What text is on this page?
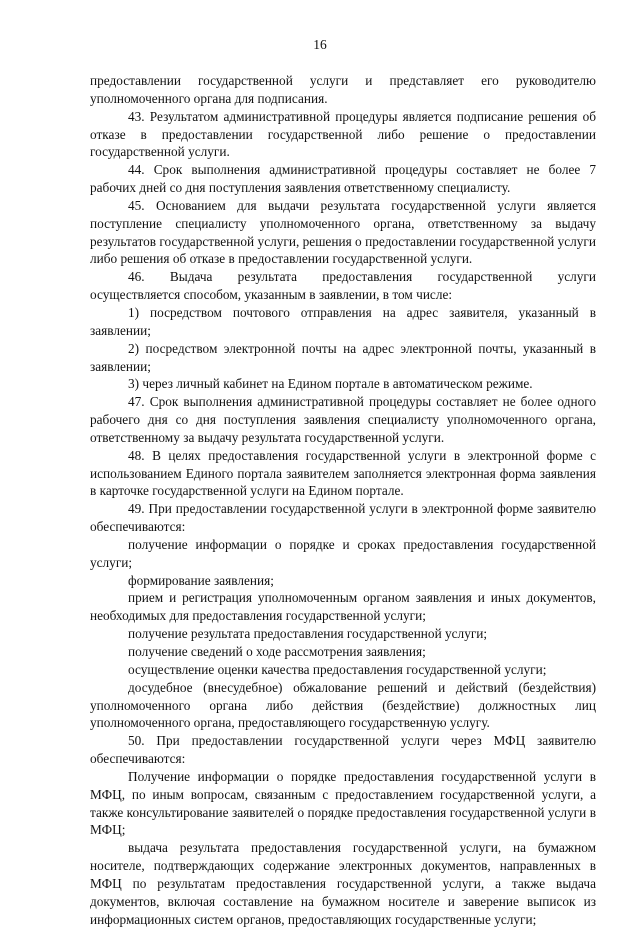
16

предоставлении государственной услуги и представляет его руководителю уполномоченного органа для подписания.

43. Результатом административной процедуры является подписание решения об отказе в предоставлении государственной либо решение о предоставлении государственной услуги.

44. Срок выполнения административной процедуры составляет не более 7 рабочих дней со дня поступления заявления ответственному специалисту.

45. Основанием для выдачи результата государственной услуги является поступление специалисту уполномоченного органа, ответственному за выдачу результатов государственной услуги, решения о предоставлении государственной услуги либо решения об отказе в предоставлении государственной услуги.

46. Выдача результата предоставления государственной услуги

осуществляется способом, указанным в заявлении, в том числе:

1) посредством почтового отправления на адрес заявителя, указанный в заявлении;

2) посредством электронной почты на адрес электронной почты, указанный в заявлении;

3) через личный кабинет на Едином портале в автоматическом режиме.

47. Срок выполнения административной процедуры составляет не более одного рабочего дня со дня поступления заявления специалисту уполномоченного органа, ответственному за выдачу результата государственной услуги.

48. В целях предоставления государственной услуги в электронной форме с использованием Единого портала заявителем заполняется электронная форма заявления в карточке государственной услуги на Едином портале.

49. При предоставлении государственной услуги в электронной форме заявителю обеспечиваются:

получение информации о порядке и сроках предоставления государственной услуги;

формирование заявления;

прием и регистрация уполномоченным органом заявления и иных документов, необходимых для предоставления государственной услуги;

получение результата предоставления государственной услуги;

получение сведений о ходе рассмотрения заявления;

осуществление оценки качества предоставления государственной услуги;

досудебное (внесудебное) обжалование решений и действий (бездействия) уполномоченного органа либо действия (бездействие) должностных лиц уполномоченного органа, предоставляющего государственную услугу.

50. При предоставлении государственной услуги через МФЦ заявителю обеспечиваются:

Получение информации о порядке предоставления государственной услуги в МФЦ, по иным вопросам, связанным с предоставлением государственной услуги, а также консультирование заявителей о порядке предоставления государственной услуги в МФЦ;

выдача результата предоставления государственной услуги, на бумажном носителе, подтверждающих содержание электронных документов, направленных в МФЦ по результатам предоставления государственной услуги, а также выдача документов, включая составление на бумажном носителе и заверение выписок из информационных систем органов, предоставляющих государственные услуги;
